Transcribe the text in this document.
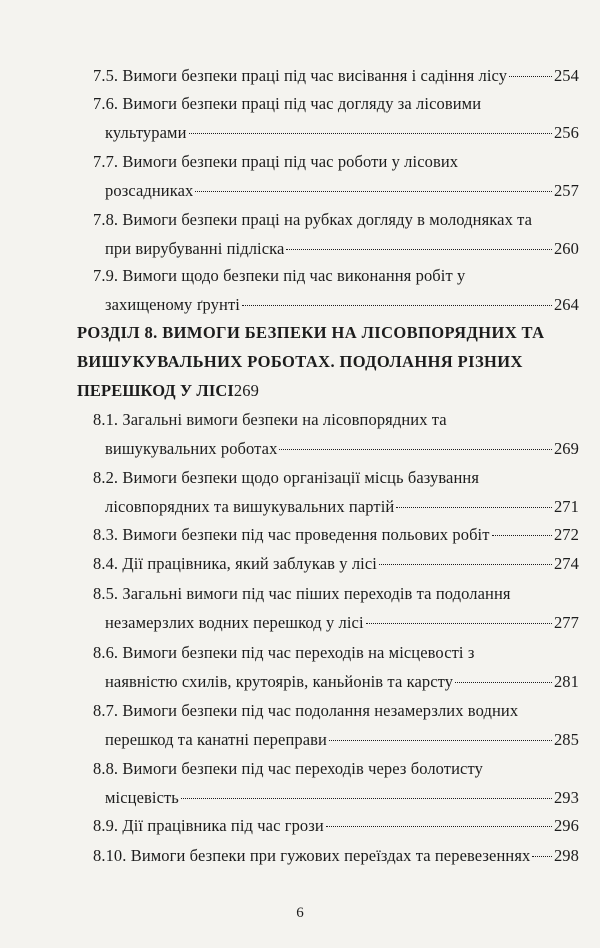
7.5. Вимоги безпеки праці під час висівання і садіння лісу	254
7.6. Вимоги безпеки праці під час догляду за лісовими
культурами	256
7.7. Вимоги безпеки праці під час роботи у лісових
розсадниках	257
7.8. Вимоги безпеки праці на рубках догляду в молодняках та
при вирубуванні підліска	260
7.9. Вимоги щодо безпеки під час виконання робіт у
захищеному ґрунті	264
РОЗДІЛ 8. ВИМОГИ БЕЗПЕКИ НА ЛІСОВПОРЯДНИХ ТА
ВИШУКУВАЛЬНИХ РОБОТАХ. ПОДОЛАННЯ РІЗНИХ
ПЕРЕШКОД У ЛІСІ 269
8.1. Загальні вимоги безпеки на лісовпорядних та
вишукувальних роботах	269
8.2. Вимоги безпеки щодо організації місць базування
лісовпорядних та вишукувальних партій	271
8.3. Вимоги безпеки під час проведення польових робіт	272
8.4. Дії працівника, який заблукав у лісі	274
8.5. Загальні вимоги під час піших переходів та подолання
незамерзлих водних перешкод у лісі	277
8.6. Вимоги безпеки під час переходів на місцевості з
наявністю схилів, крутоярів, каньйонів та карсту	281
8.7. Вимоги безпеки під час подолання незамерзлих водних
перешкод та канатні переправи	285
8.8. Вимоги безпеки під час переходів через болотисту
місцевість	293
8.9. Дії працівника під час грози	296
8.10. Вимоги безпеки при гужових переїздах та перевезеннях 298
6
